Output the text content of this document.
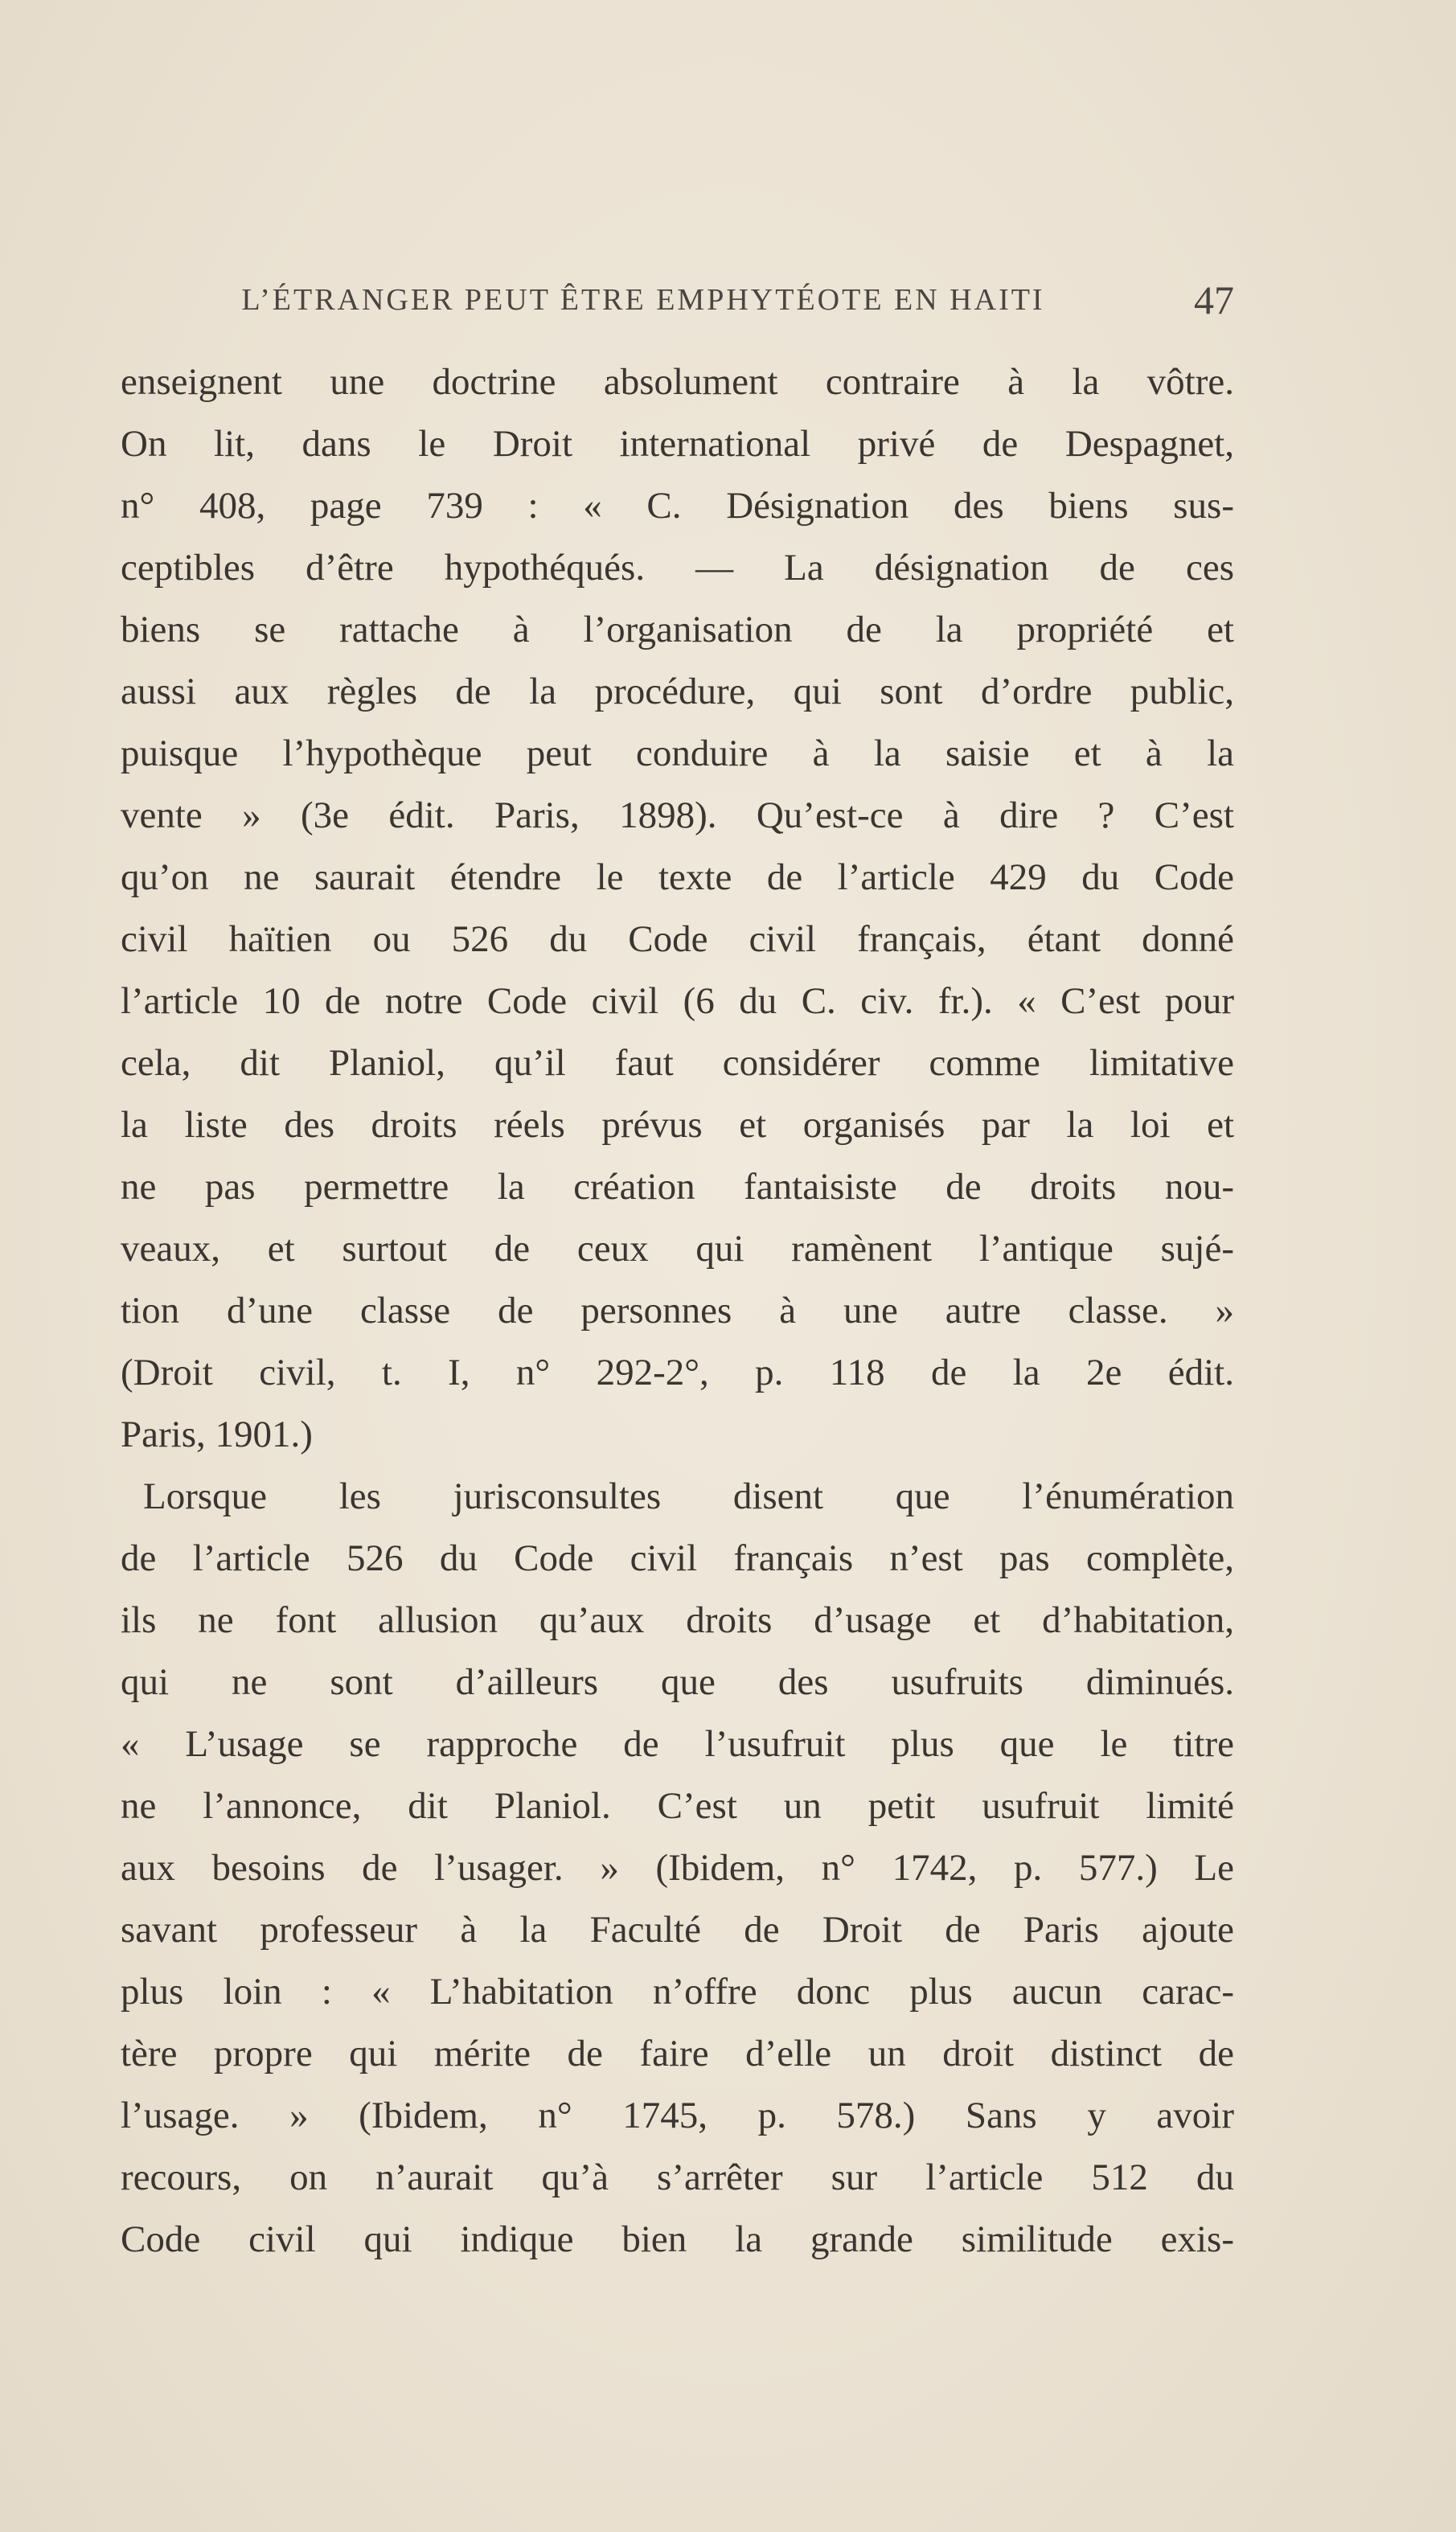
L’ÉTRANGER PEUT ÊTRE EMPHYTÉOTE EN HAITI	47
enseignent une doctrine absolument contraire à la vôtre.
On lit, dans le Droit international privé de Despagnet,
n° 408, page 739 : « C. Désignation des biens sus-
ceptibles d’être hypothéqués. — La désignation de ces
biens se rattache à l’organisation de la propriété et
aussi aux règles de la procédure, qui sont d’ordre public,
puisque l’hypothèque peut conduire à la saisie et à la
vente » (3e édit. Paris, 1898). Qu’est-ce à dire ? C’est
qu’on ne saurait étendre le texte de l’article 429 du Code
civil haïtien ou 526 du Code civil français, étant donné
l’article 10 de notre Code civil (6 du C. civ. fr.). « C’est pour
cela, dit Planiol, qu’il faut considérer comme limitative
la liste des droits réels prévus et organisés par la loi et
ne pas permettre la création fantaisiste de droits nou-
veaux, et surtout de ceux qui ramènent l’antique sujé-
tion d’une classe de personnes à une autre classe. »
(Droit civil, t. I, n° 292-2°, p. 118 de la 2e édit.
Paris, 1901.)
Lorsque les jurisconsultes disent que l’énumération
de l’article 526 du Code civil français n’est pas complète,
ils ne font allusion qu’aux droits d’usage et d’habitation,
qui ne sont d’ailleurs que des usufruits diminués.
« L’usage se rapproche de l’usufruit plus que le titre
ne l’annonce, dit Planiol. C’est un petit usufruit limité
aux besoins de l’usager. » (Ibidem, n° 1742, p. 577.) Le
savant professeur à la Faculté de Droit de Paris ajoute
plus loin : « L’habitation n’offre donc plus aucun carac-
tère propre qui mérite de faire d’elle un droit distinct de
l’usage. » (Ibidem, n° 1745, p. 578.) Sans y avoir
recours, on n’aurait qu’à s’arrêter sur l’article 512 du
Code civil qui indique bien la grande similitude exis-
